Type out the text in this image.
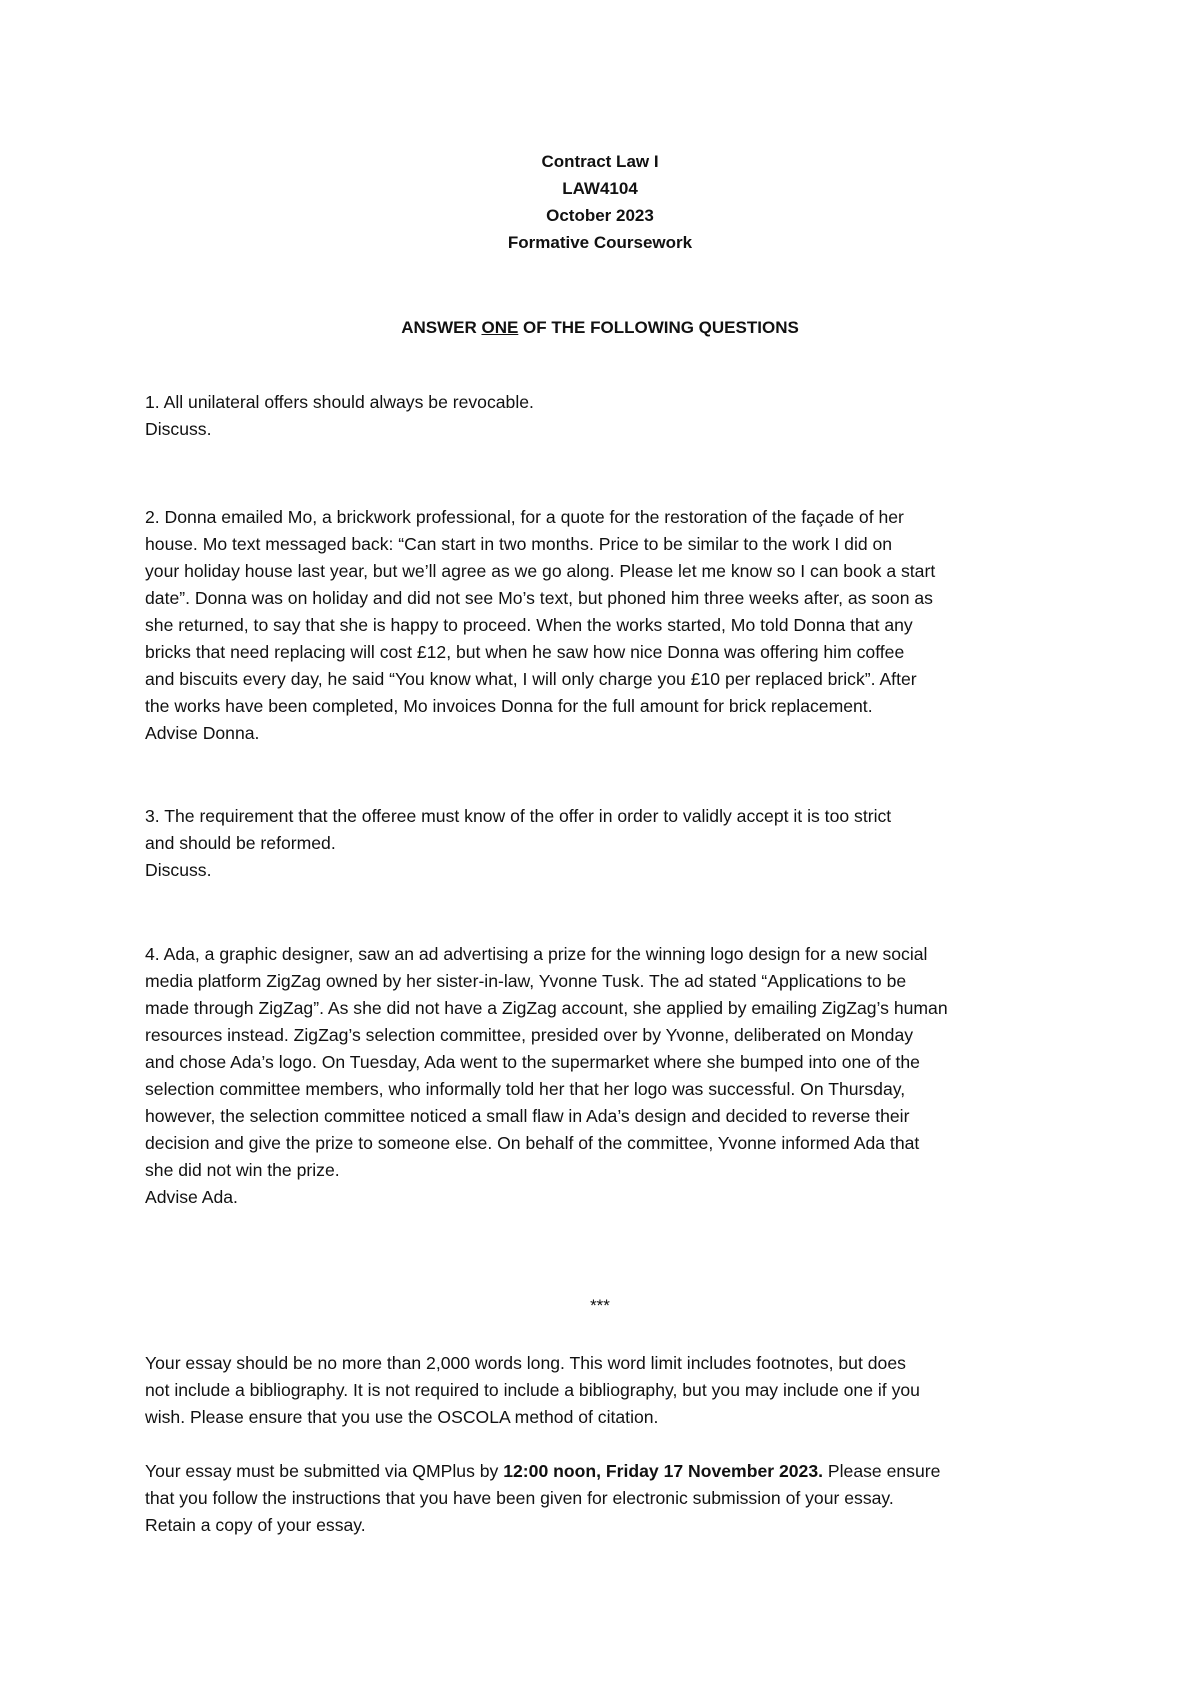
Contract Law I
LAW4104
October 2023
Formative Coursework
ANSWER ONE OF THE FOLLOWING QUESTIONS
1. All unilateral offers should always be revocable.
Discuss.
2. Donna emailed Mo, a brickwork professional, for a quote for the restoration of the façade of her
house. Mo text messaged back: “Can start in two months. Price to be similar to the work I did on
your holiday house last year, but we’ll agree as we go along. Please let me know so I can book a start
date”. Donna was on holiday and did not see Mo’s text, but phoned him three weeks after, as soon as
she returned, to say that she is happy to proceed. When the works started, Mo told Donna that any
bricks that need replacing will cost £12, but when he saw how nice Donna was offering him coffee
and biscuits every day, he said “You know what, I will only charge you £10 per replaced brick”. After
the works have been completed, Mo invoices Donna for the full amount for brick replacement.
Advise Donna.
3. The requirement that the offeree must know of the offer in order to validly accept it is too strict
and should be reformed.
Discuss.
4. Ada, a graphic designer, saw an ad advertising a prize for the winning logo design for a new social
media platform ZigZag owned by her sister-in-law, Yvonne Tusk. The ad stated “Applications to be
made through ZigZag”. As she did not have a ZigZag account, she applied by emailing ZigZag’s human
resources instead. ZigZag’s selection committee, presided over by Yvonne, deliberated on Monday
and chose Ada’s logo. On Tuesday, Ada went to the supermarket where she bumped into one of the
selection committee members, who informally told her that her logo was successful. On Thursday,
however, the selection committee noticed a small flaw in Ada’s design and decided to reverse their
decision and give the prize to someone else. On behalf of the committee, Yvonne informed Ada that
she did not win the prize.
Advise Ada.
***
Your essay should be no more than 2,000 words long. This word limit includes footnotes, but does
not include a bibliography. It is not required to include a bibliography, but you may include one if you
wish. Please ensure that you use the OSCOLA method of citation.
Your essay must be submitted via QMPlus by 12:00 noon, Friday 17 November 2023. Please ensure
that you follow the instructions that you have been given for electronic submission of your essay.
Retain a copy of your essay.
